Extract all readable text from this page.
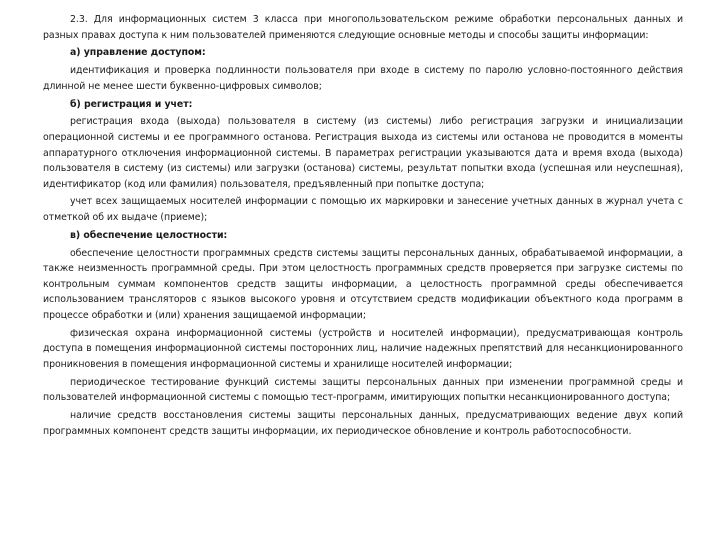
2.3. Для информационных систем 3 класса при многопользовательском режиме обработки персональных данных и разных правах доступа к ним пользователей применяются следующие основные методы и способы защиты информации:

а) управление доступом:

идентификация и проверка подлинности пользователя при входе в систему по паролю условно-постоянного действия длинной не менее шести буквенно-цифровых символов;

б) регистрация и учет:

регистрация входа (выхода) пользователя в систему (из системы) либо регистрация загрузки и инициализации операционной системы и ее программного останова. Регистрация выхода из системы или останова не проводится в моменты аппаратурного отключения информационной системы. В параметрах регистрации указываются дата и время входа (выхода) пользователя в систему (из системы) или загрузки (останова) системы, результат попытки входа (успешная или неуспешная), идентификатор (код или фамилия) пользователя, предъявленный при попытке доступа;

учет всех защищаемых носителей информации с помощью их маркировки и занесение учетных данных в журнал учета с отметкой об их выдаче (приеме);

в) обеспечение целостности:

обеспечение целостности программных средств системы защиты персональных данных, обрабатываемой информации, а также неизменность программной среды. При этом целостность программных средств проверяется при загрузке системы по контрольным суммам компонентов средств защиты информации, а целостность программной среды обеспечивается использованием трансляторов с языков высокого уровня и отсутствием средств модификации объектного кода программ в процессе обработки и (или) хранения защищаемой информации;

физическая охрана информационной системы (устройств и носителей информации), предусматривающая контроль доступа в помещения информационной системы посторонних лиц, наличие надежных препятствий для несанкционированного проникновения в помещения информационной системы и хранилище носителей информации;

периодическое тестирование функций системы защиты персональных данных при изменении программной среды и пользователей информационной системы с помощью тест-программ, имитирующих попытки несанкционированного доступа;

наличие средств восстановления системы защиты персональных данных, предусматривающих ведение двух копий программных компонент средств защиты информации, их периодическое обновление и контроль работоспособности.
